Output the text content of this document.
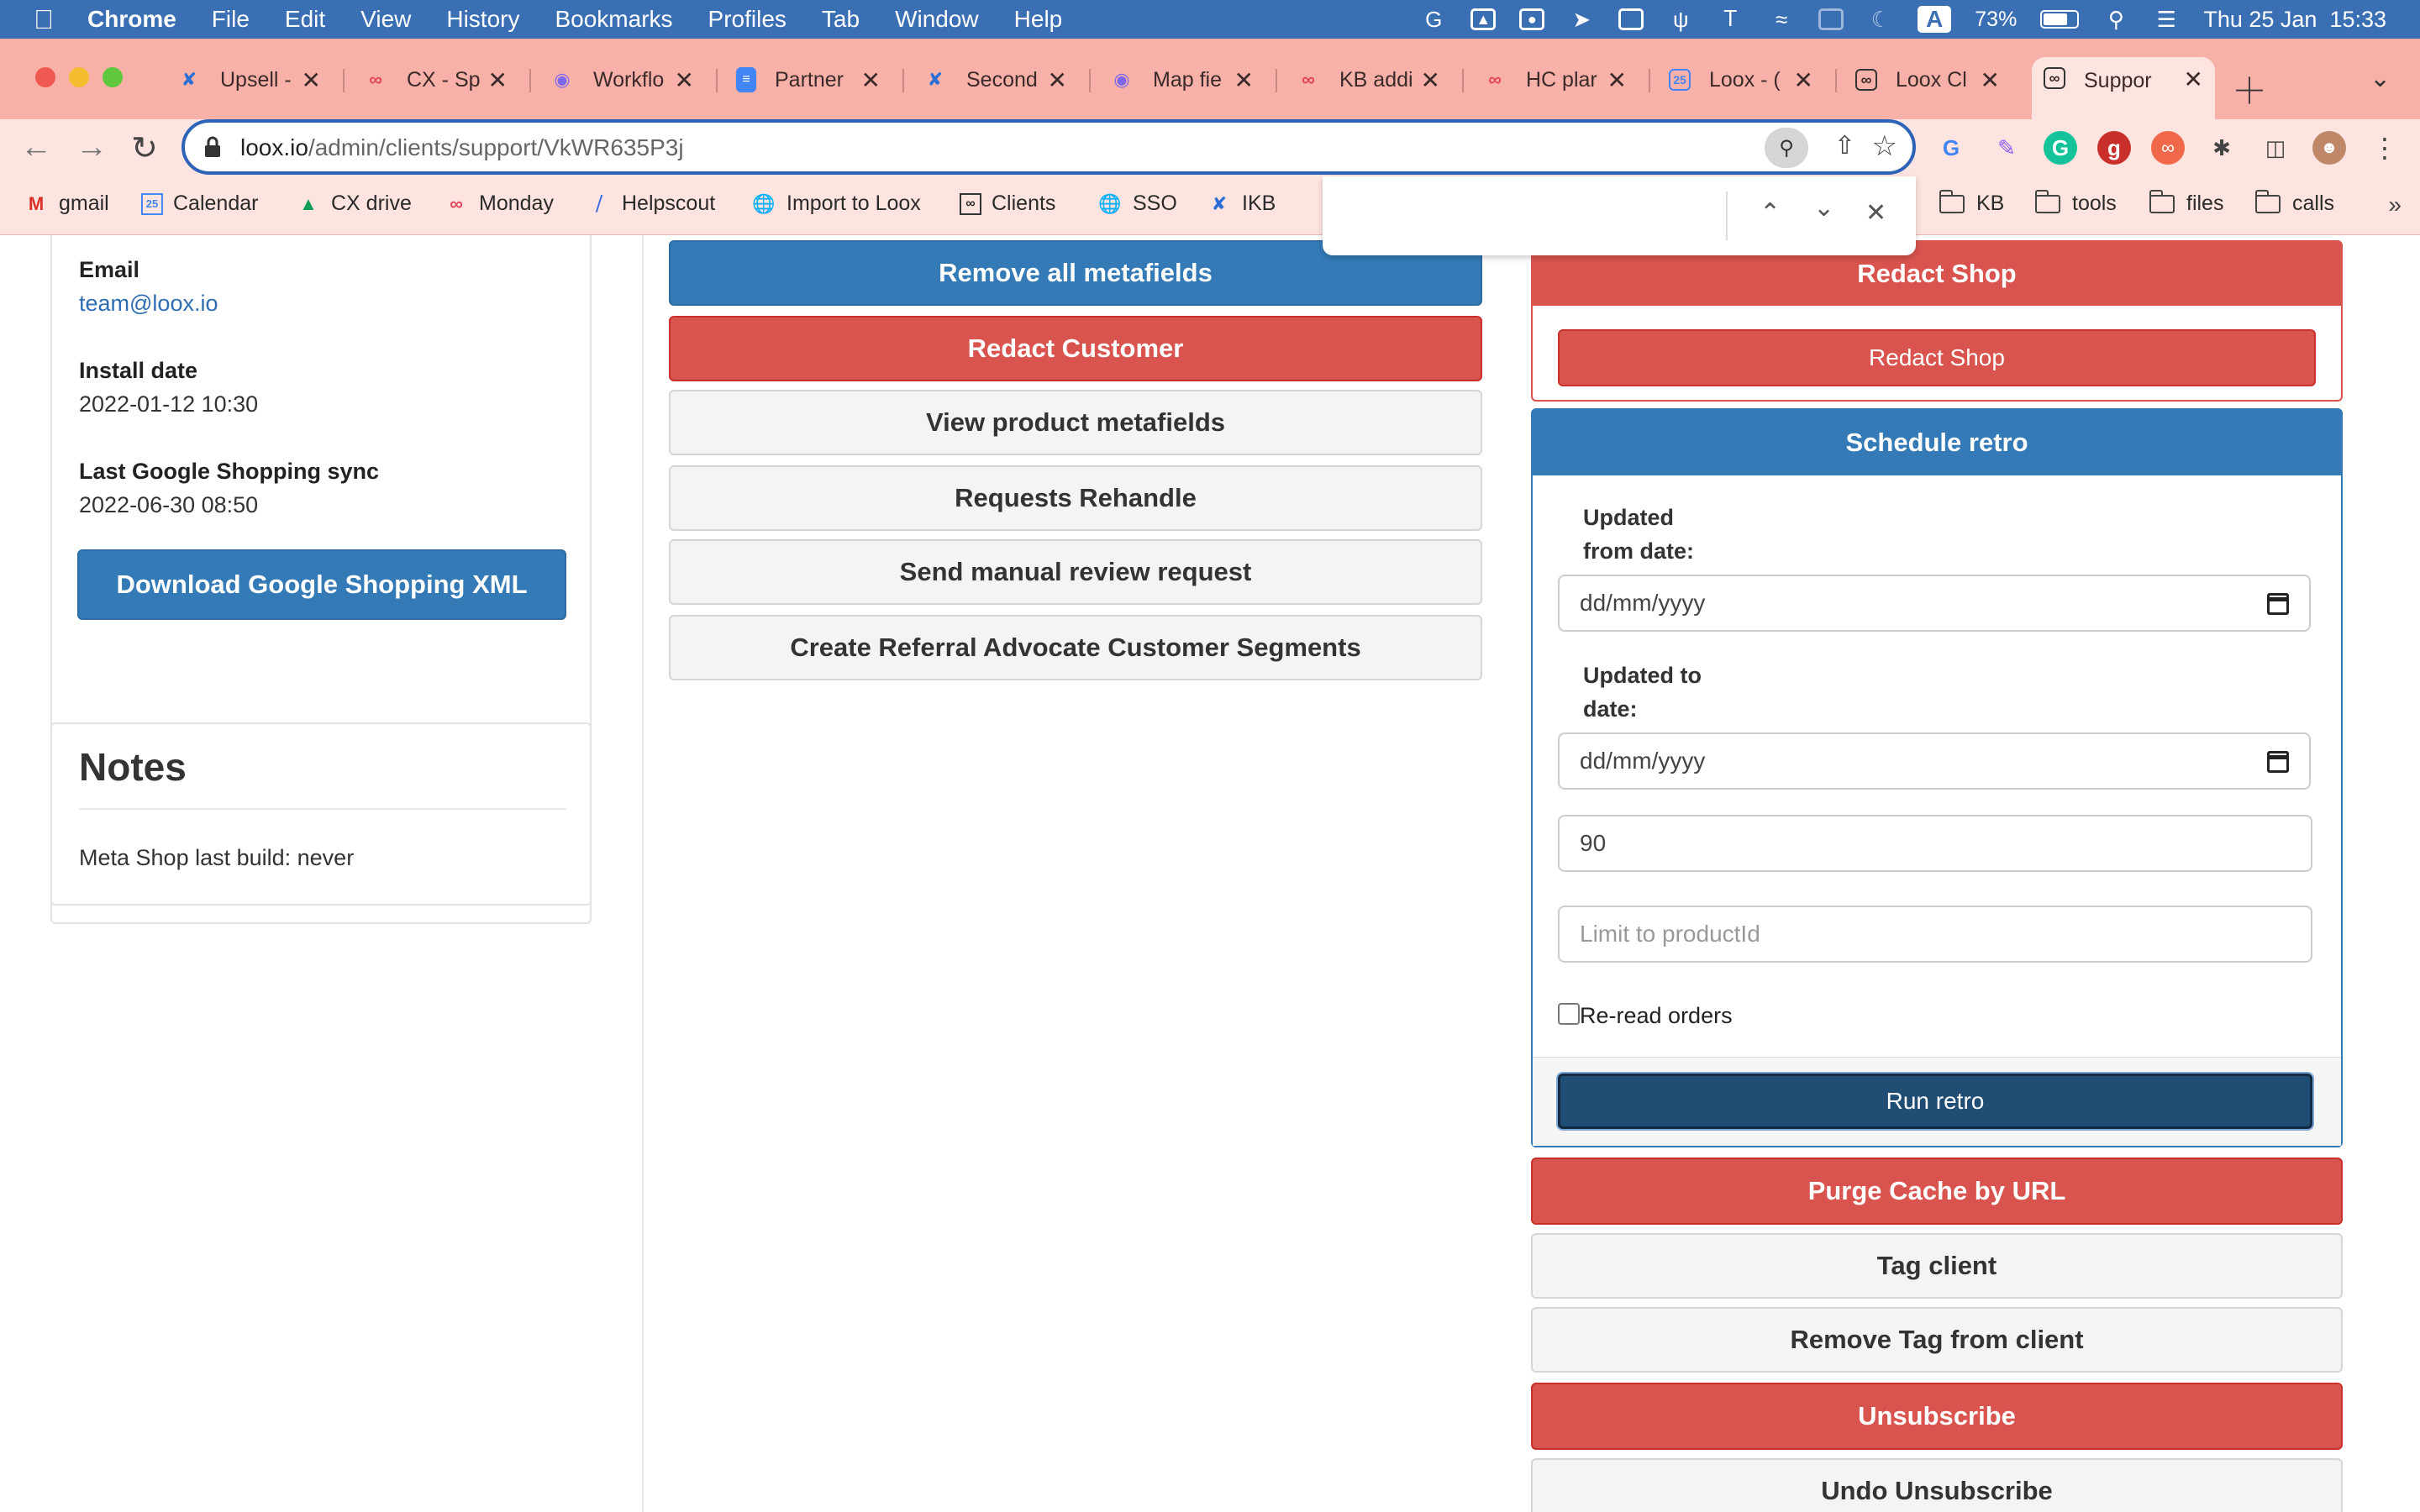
Chrome	File	Edit	View	History	Bookmarks	Profiles	Tab	Window	Help	G	▲	●	➤	ψ	Ꭲ	≈	☾	A	73%	⚲ ☰ Thu 25 Jan  15:33
✘ Upsell - ✕	∞ CX - Sp ✕	◉ Workflo ✕	≡ Partner ✕	✘ Second ✕	◉ Map fie ✕	∞ KB addi ✕	∞ HC plar ✕	25 Loox - ( ✕	∞ Loox Cl ✕	∞ Suppor	✕ ＋	⌄
← → ↻	loox.io/admin/clients/support/VkWR635P3j	⚲	⇧ ☆	G	✎	G	g	∞	✱	◫	☻ ⋮
M gmail	25 Calendar ▲ CX drive	∞ Monday	⧸ Helpscout 🌐 Import to Loox	∞ Clients 🌐 SSO ✘ IKB	KB	tools	files	calls »
⌃ ⌄ ✕
Email
team@loox.io
Install date
2022-01-12 10:30
Last Google Shopping sync
2022-06-30 08:50
Download Google Shopping XML
Notes
Meta Shop last build: never
Remove all metafields
Redact Customer
View product metafields
Requests Rehandle
Send manual review request
Create Referral Advocate Customer Segments
Redact Shop
Redact Shop
Schedule retro
Updated
from date:
dd/mm/yyyy
Updated to
date:
dd/mm/yyyy
90
Limit to productId
Re-read orders
Run retro
Purge Cache by URL
Tag client
Remove Tag from client
Unsubscribe
Undo Unsubscribe
